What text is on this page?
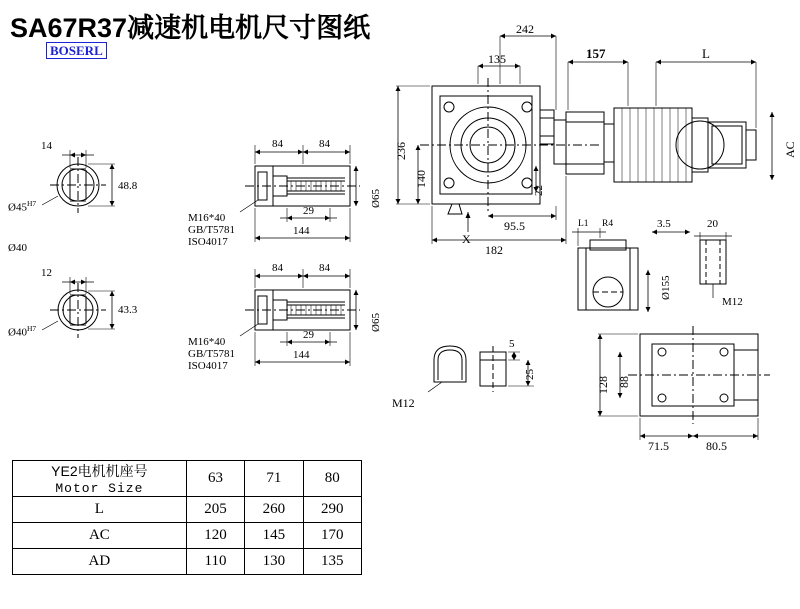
SA67R37减速机电机尺寸图纸
BOSERL
14
$Ø45^{H7}$
Ø40
48.8
12
$Ø40^{H7}$
43.3
84	84
29
144
Ø65
M16*40
GB/T5781
ISO4017
84	84
29
144
Ø65
M16*40
GB/T5781
ISO4017
242
135	157	L
236
140
22
AC
95.5
182
X
L1 R4	3.5	20
Ø155
M12
128 88
71.5	80.5
5
25
M12
YE2电机机座号
Motor Size	63	71	80

L	205	260	290
AC	120	145	170
AD	110	130	135
